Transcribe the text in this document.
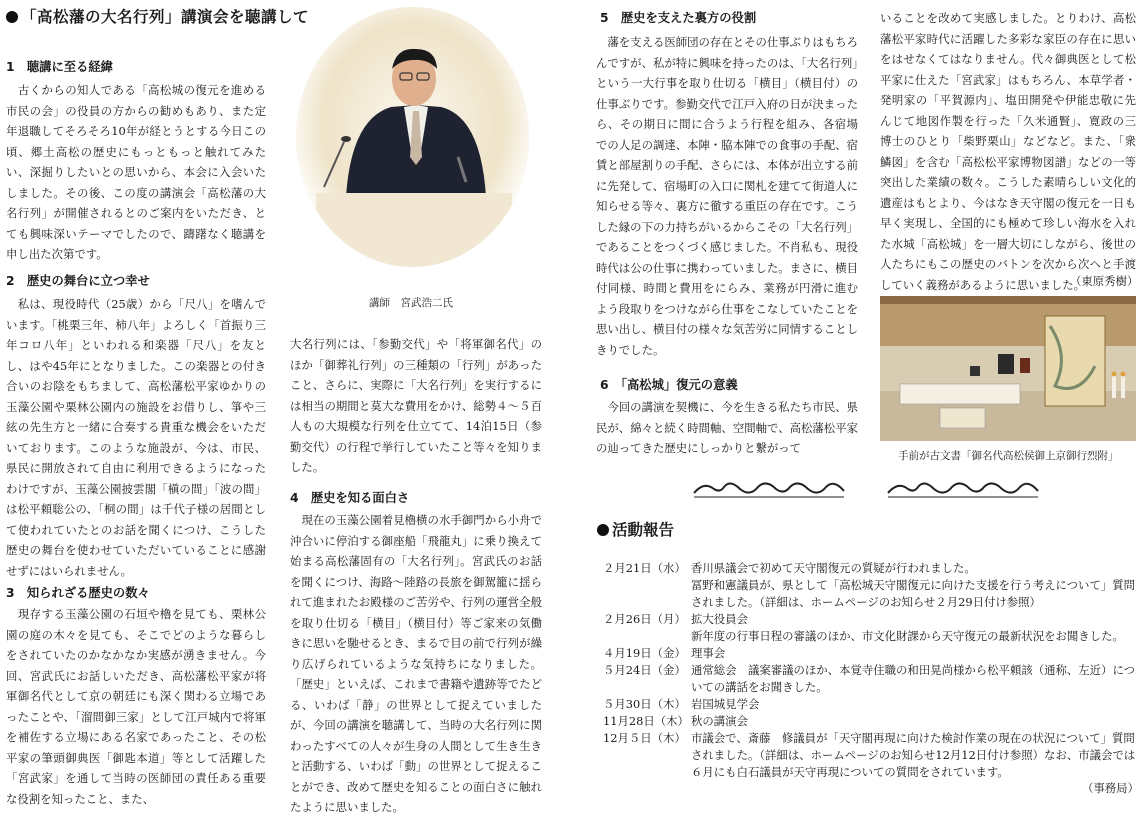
「高松藩の大名行列」講演会を聴講して
1　聴講に至る経緯

　古くからの知人である「高松城の復元を進める市民の会」の役員の方からの勧めもあり、また定年退職してそろそろ10年が経とうとする今日この頃、郷土高松の歴史にもっともっと触れてみたい、深掘りしたいとの思いから、本会に入会いたしました。その後、この度の講演会「高松藩の大名行列」が開催されるとのご案内をいただき、とても興味深いテーマでしたので、躊躇なく聴講を申し出た次第です。

2　歴史の舞台に立つ幸せ

　私は、現役時代（25歳）から「尺八」を嗜んでいます。「桃栗三年、柿八年」よろしく「首振り三年コロ八年」といわれる和楽器「尺八」を友とし、はや45年にとなりました。この楽器との付き合いのお陰をもちまして、高松藩松平家ゆかりの玉藻公園や栗林公園内の施設をお借りし、箏や三絃の先生方と一緒に合奏する貴重な機会をいただいております。このような施設が、今は、市民、県民に開放されて自由に利用できるようになったわけですが、玉藻公園披雲閣「槇の間」「波の間」は松平頼聡公の、「桐の間」は千代子様の居間として使われていたとのお話を聞くにつけ、こうした歴史の舞台を使わせていただいていることに感謝せずにはいられません。

3　知られざる歴史の数々

　現存する玉藻公園の石垣や櫓を見ても、栗林公園の庭の木々を見ても、そこでどのような暮らしをされていたのかなかなか実感が湧きません。今回、宮武氏にお話しいただき、高松藩松平家が将軍御名代として京の朝廷にも深く関わる立場であったことや、「溜間御三家」として江戸城内で将軍を補佐する立場にある名家であったこと、その松平家の筆頭御典医「御匙本道」等として活躍した「宮武家」を通して当時の医師団の責任ある重要な役割を知ったこと、また、

講師　宮武浩二氏

大名行列には、「参勤交代」や「将軍御名代」のほか「御葬礼行列」の三種類の「行列」があったこと、さらに、実際に「大名行列」を実行するには相当の期間と莫大な費用をかけ、総勢４～５百人もの大規模な行列を仕立てて、14泊15日（参勤交代）の行程で挙行していたこと等々を知りました。

4　歴史を知る面白さ

　現在の玉藻公園着見櫓横の水手御門から小舟で沖合いに停泊する御座船「飛龍丸」に乗り換えて始まる高松藩固有の「大名行列」。宮武氏のお話を聞くにつけ、海路～陸路の長旅を御駕籠に揺られて進まれたお殿様のご苦労や、行列の運営全般を取り仕切る「横目」（横目付）等ご家来の気働きに思いを馳せるとき、まるで目の前で行列が繰り広げられているような気持ちになりました。「歴史」といえば、これまで書籍や遺跡等でたどる、いわば「静」の世界として捉えていましたが、今回の講演を聴講して、当時の大名行列に関わったすべての人々が生身の人間として生き生きと活動する、いわば「動」の世界として捉えることができ、改めて歴史を知ることの面白さに触れたように思いました。

5　歴史を支えた裏方の役割

　藩を支える医師団の存在とその仕事ぶりはもちろんですが、私が特に興味を持ったのは、「大名行列」という一大行事を取り仕切る「横目」（横目付）の仕事ぶりです。参勤交代で江戸入府の日が決まったら、その期日に間に合うよう行程を組み、各宿場での人足の調達、本陣・脇本陣での食事の手配、宿賃と部屋割りの手配、さらには、本体が出立する前に先発して、宿場町の入口に関札を建てて街道人に知らせる等々、裏方に徹する重臣の存在です。こうした縁の下の力持ちがいるからこその「大名行列」であることをつくづく感じました。不肖私も、現役時代は公の仕事に携わっていました。まさに、横目付同様、時間と費用をにらみ、業務が円滑に進むよう段取りをつけながら仕事をこなしていたことを思い出し、横目付の様々な気苦労に同情することしきりでした。

6　「高松城」復元の意義

　今回の講演を契機に、今を生きる私たち市民、県民が、綿々と続く時間軸、空間軸で、高松藩松平家の辿ってきた歴史にしっかりと繋がって

いることを改めて実感しました。とりわけ、高松藩松平家時代に活躍した多彩な家臣の存在に思いをはせなくてはなりません。代々御典医として松平家に仕えた「宮武家」はもちろん、本草学者・発明家の「平賀源内」、塩田開発や伊能忠敬に先んじて地図作製を行った「久米通賢」、寛政の三博士のひとり「柴野栗山」などなど。また、「衆鱗図」を含む「高松松平家博物図譜」などの一等突出した業績の数々。こうした素晴らしい文化的遺産はもとより、今はなき天守閣の復元を一日も早く実現し、全国的にも極めて珍しい海水を入れた水城「高松城」を一層大切にしながら、後世の人たちにもこの歴史のバトンを次から次へと手渡していく義務があるように思いました。

（東原秀樹）
手前が古文書「御名代高松侯御上京御行烈附」
活動報告
２月21日（水） 香川県議会で初めて天守閣復元の質疑が行われました。
冨野和憲議員が、県として「高松城天守閣復元に向けた支援を行う考えについて」質問されました。（詳細は、ホームページのお知らせ２月29日付け参照）
２月26日（月） 拡大役員会
新年度の行事日程の審議のほか、市文化財課から天守復元の最新状況をお聞きした。
４月19日（金） 理事会
５月24日（金） 通常総会　議案審議のほか、本覚寺住職の和田晃尚様から松平頼該（通称、左近）についての講話をお聞きした。
５月30日（木） 岩国城見学会
11月28日（木） 秋の講演会
12月５日（木） 市議会で、斎藤　修議員が「天守閣再現に向けた検討作業の現在の状況について」質問されました。（詳細は、ホームページのお知らせ12月12日付け参照）なお、市議会では６月にも白石議員が天守再現についての質問をされています。
（事務局）
